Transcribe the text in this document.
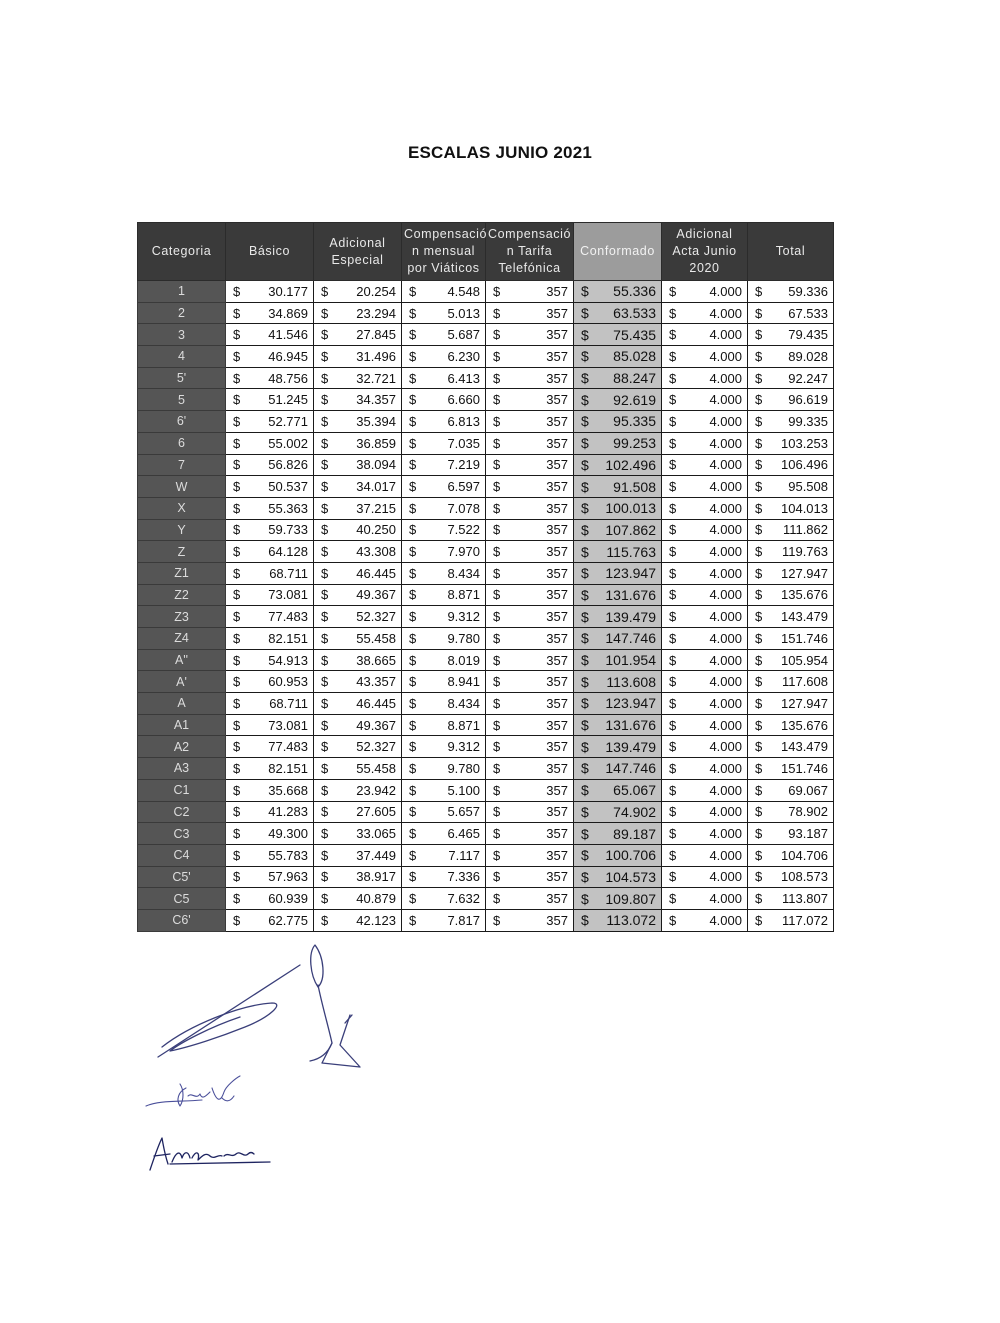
ESCALAS JUNIO 2021
Categoria	Básico	Adicional Especial	Compensació n mensual por Viáticos	Compensació n Tarifa Telefónica	Conformado	Adicional Acta Junio 2020	Total
1	$ 30.177	$ 20.254	$ 4.548	$ 357	$ 55.336	$ 4.000	$ 59.336

2	$ 34.869	$ 23.294	$ 5.013	$ 357	$ 63.533	$ 4.000	$ 67.533

3	$ 41.546	$ 27.845	$ 5.687	$ 357	$ 75.435	$ 4.000	$ 79.435

4	$ 46.945	$ 31.496	$ 6.230	$ 357	$ 85.028	$ 4.000	$ 89.028

5'	$ 48.756	$ 32.721	$ 6.413	$ 357	$ 88.247	$ 4.000	$ 92.247

5	$ 51.245	$ 34.357	$ 6.660	$ 357	$ 92.619	$ 4.000	$ 96.619

6'	$ 52.771	$ 35.394	$ 6.813	$ 357	$ 95.335	$ 4.000	$ 99.335

6	$ 55.002	$ 36.859	$ 7.035	$ 357	$ 99.253	$ 4.000	$ 103.253

7	$ 56.826	$ 38.094	$ 7.219	$ 357	$ 102.496	$ 4.000	$ 106.496

W	$ 50.537	$ 34.017	$ 6.597	$ 357	$ 91.508	$ 4.000	$ 95.508

X	$ 55.363	$ 37.215	$ 7.078	$ 357	$ 100.013	$ 4.000	$ 104.013

Y	$ 59.733	$ 40.250	$ 7.522	$ 357	$ 107.862	$ 4.000	$ 111.862

Z	$ 64.128	$ 43.308	$ 7.970	$ 357	$ 115.763	$ 4.000	$ 119.763

Z1	$ 68.711	$ 46.445	$ 8.434	$ 357	$ 123.947	$ 4.000	$ 127.947

Z2	$ 73.081	$ 49.367	$ 8.871	$ 357	$ 131.676	$ 4.000	$ 135.676

Z3	$ 77.483	$ 52.327	$ 9.312	$ 357	$ 139.479	$ 4.000	$ 143.479

Z4	$ 82.151	$ 55.458	$ 9.780	$ 357	$ 147.746	$ 4.000	$ 151.746

A''	$ 54.913	$ 38.665	$ 8.019	$ 357	$ 101.954	$ 4.000	$ 105.954

A'	$ 60.953	$ 43.357	$ 8.941	$ 357	$ 113.608	$ 4.000	$ 117.608

A	$ 68.711	$ 46.445	$ 8.434	$ 357	$ 123.947	$ 4.000	$ 127.947

A1	$ 73.081	$ 49.367	$ 8.871	$ 357	$ 131.676	$ 4.000	$ 135.676

A2	$ 77.483	$ 52.327	$ 9.312	$ 357	$ 139.479	$ 4.000	$ 143.479

A3	$ 82.151	$ 55.458	$ 9.780	$ 357	$ 147.746	$ 4.000	$ 151.746

C1	$ 35.668	$ 23.942	$ 5.100	$ 357	$ 65.067	$ 4.000	$ 69.067

C2	$ 41.283	$ 27.605	$ 5.657	$ 357	$ 74.902	$ 4.000	$ 78.902

C3	$ 49.300	$ 33.065	$ 6.465	$ 357	$ 89.187	$ 4.000	$ 93.187

C4	$ 55.783	$ 37.449	$ 7.117	$ 357	$ 100.706	$ 4.000	$ 104.706

C5'	$ 57.963	$ 38.917	$ 7.336	$ 357	$ 104.573	$ 4.000	$ 108.573

C5	$ 60.939	$ 40.879	$ 7.632	$ 357	$ 109.807	$ 4.000	$ 113.807

C6'	$ 62.775	$ 42.123	$ 7.817	$ 357	$ 113.072	$ 4.000	$ 117.072
